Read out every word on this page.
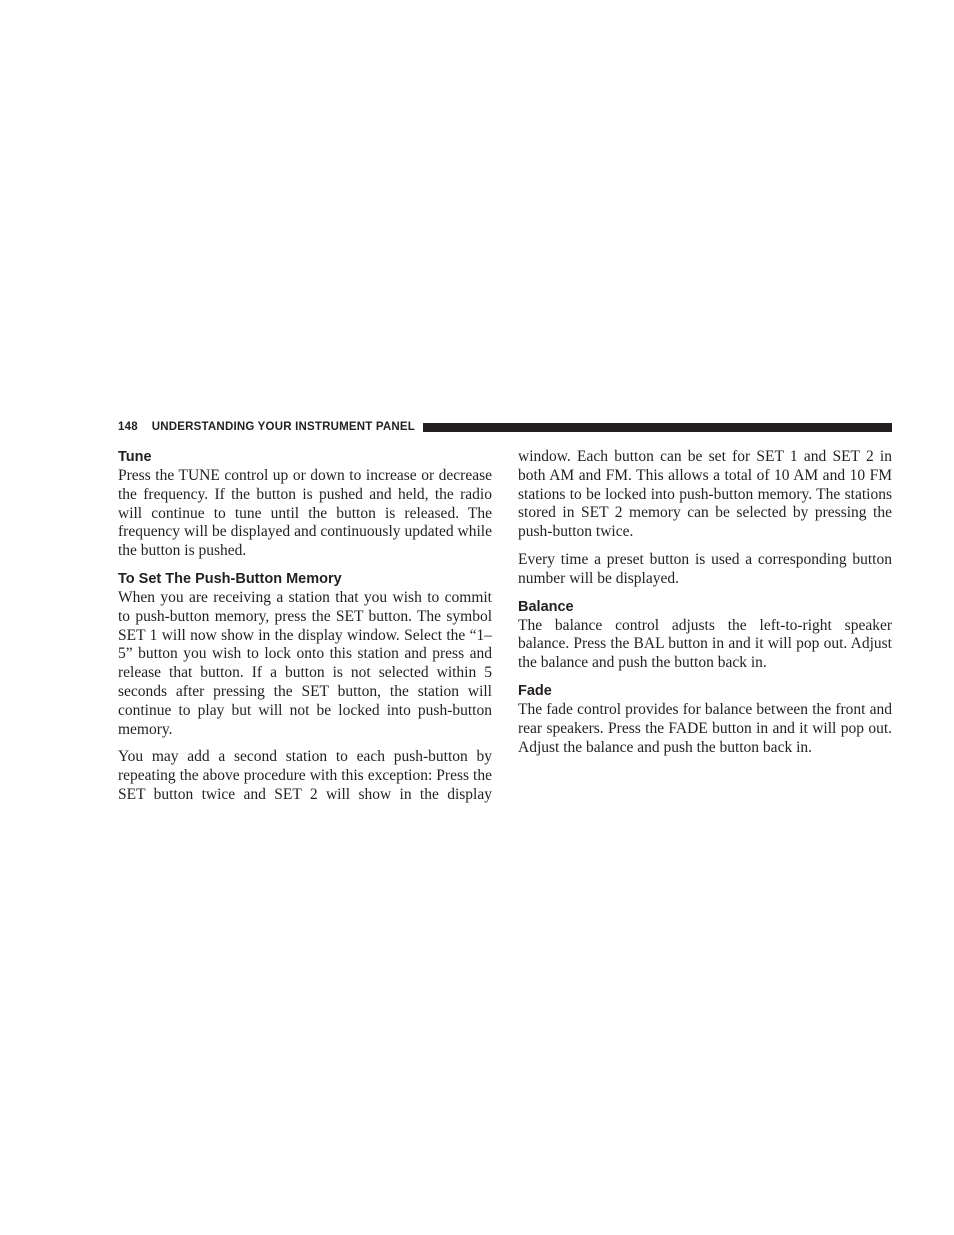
148 UNDERSTANDING YOUR INSTRUMENT PANEL
Tune

Press the TUNE control up or down to increase or decrease the frequency. If the button is pushed and held, the radio will continue to tune until the button is released. The frequency will be displayed and continuously updated while the button is pushed.

To Set The Push-Button Memory

When you are receiving a station that you wish to commit to push-button memory, press the SET button. The symbol SET 1 will now show in the display window. Select the “1–5” button you wish to lock onto this station and press and release that button. If a button is not selected within 5 seconds after pressing the SET button, the station will continue to play but will not be locked into push-button memory.

You may add a second station to each push-button by repeating the above procedure with this exception: Press the SET button twice and SET 2 will show in the display

window. Each button can be set for SET 1 and SET 2 in both AM and FM. This allows a total of 10 AM and 10 FM stations to be locked into push-button memory. The stations stored in SET 2 memory can be selected by pressing the push-button twice.

Every time a preset button is used a corresponding button number will be displayed.

Balance

The balance control adjusts the left-to-right speaker balance. Press the BAL button in and it will pop out. Adjust the balance and push the button back in.

Fade

The fade control provides for balance between the front and rear speakers. Press the FADE button in and it will pop out. Adjust the balance and push the button back in.
